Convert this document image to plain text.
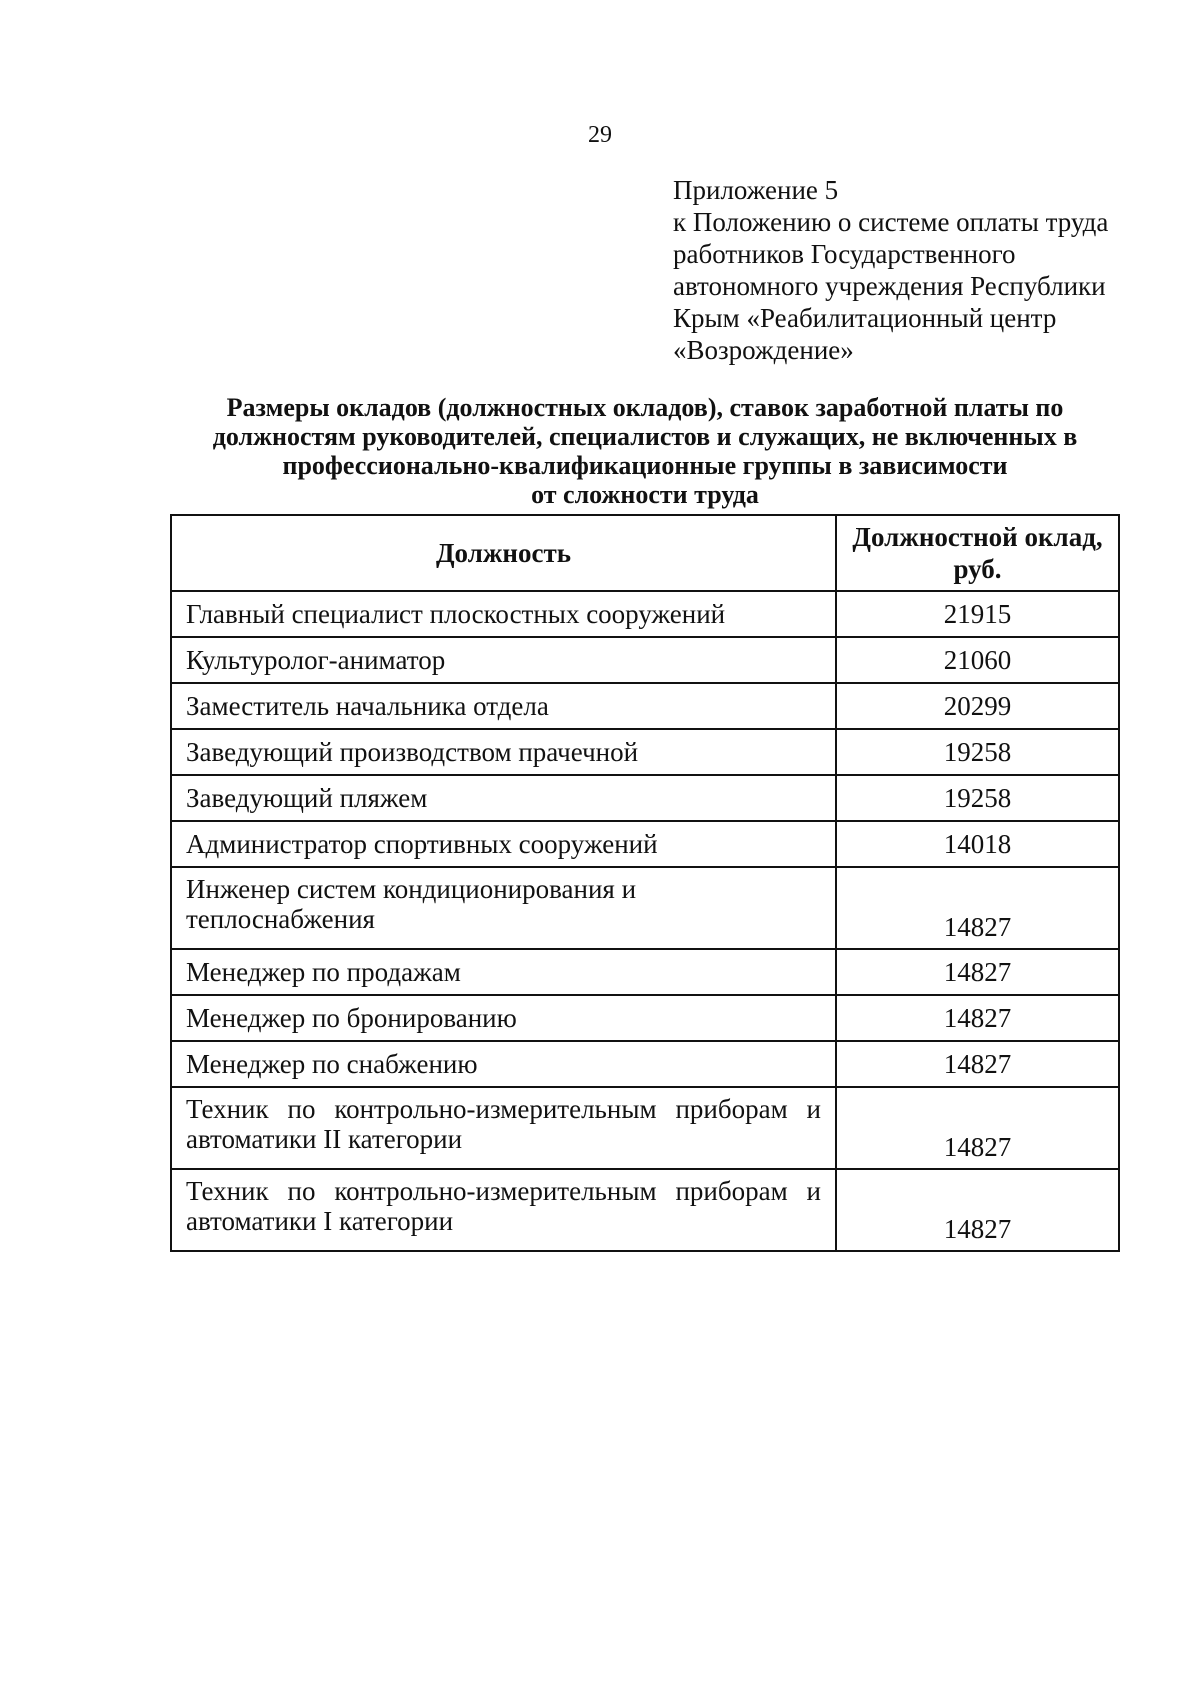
29
Приложение 5
к Положению о системе оплаты труда
работников Государственного
автономного учреждения Республики
Крым «Реабилитационный центр
«Возрождение»
Размеры окладов (должностных окладов), ставок заработной платы по
должностям руководителей, специалистов и служащих, не включенных в
профессионально-квалификационные группы в зависимости
от сложности труда
Должность	Должностной оклад,
руб.

Главный специалист плоскостных сооружений	21915
Культуролог-аниматор	21060
Заместитель начальника отдела	20299
Заведующий производством прачечной	19258
Заведующий пляжем	19258
Администратор спортивных сооружений	14018
Инженер систем кондиционирования и теплоснабжения	14827
Менеджер по продажам	14827
Менеджер по бронированию	14827
Менеджер по снабжению	14827
Техник по контрольно-измерительным приборам и автоматики II категории	14827
Техник по контрольно-измерительным приборам и автоматики I категории	14827
